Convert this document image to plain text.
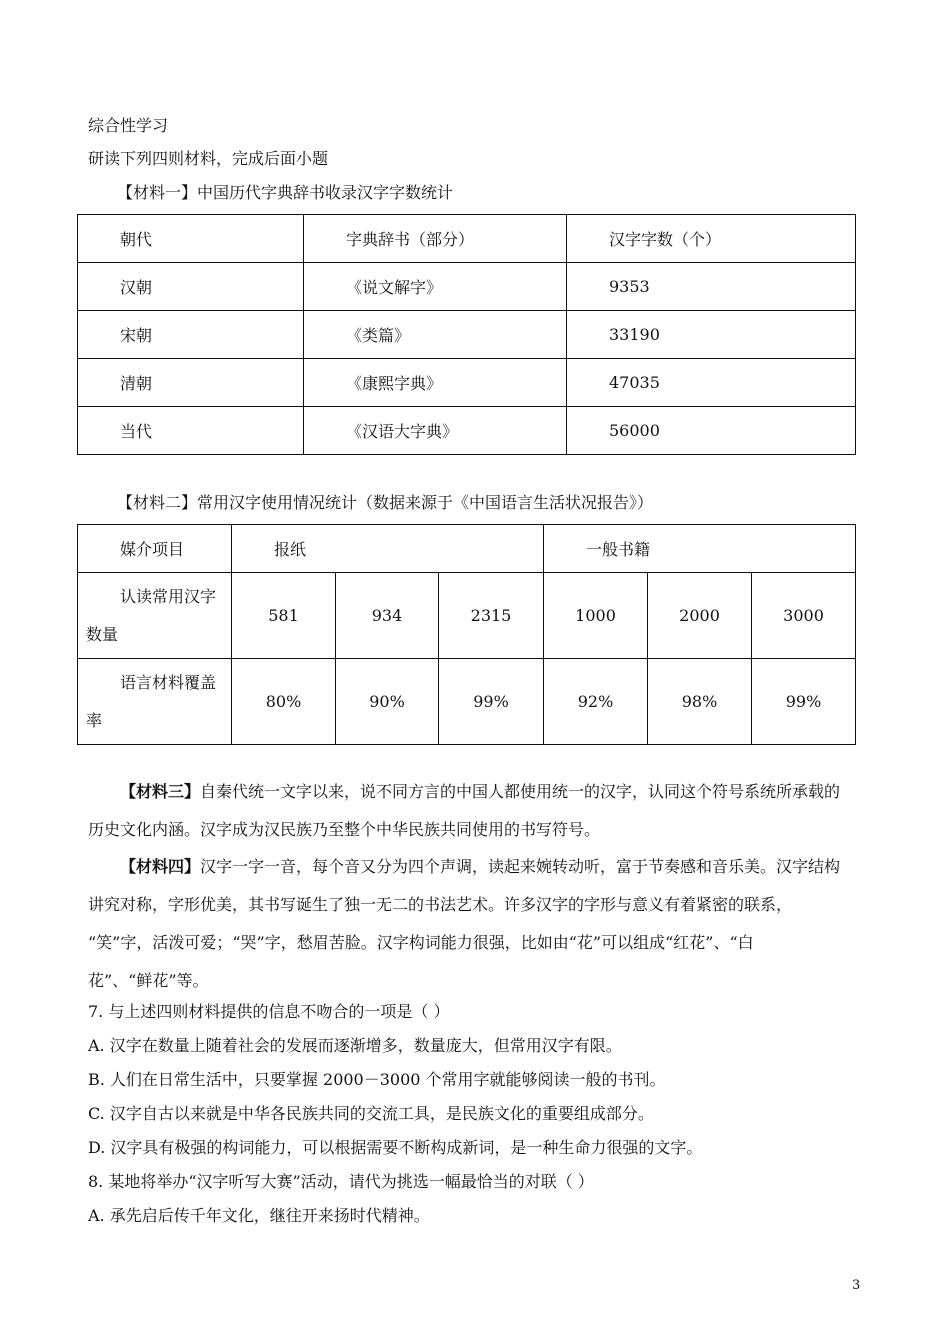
综合性学习
研读下列四则材料，完成后面小题
【材料一】中国历代字典辞书收录汉字字数统计
朝代	字典辞书（部分）	汉字字数（个）
汉朝	《说文解字》	9353
宋朝	《类篇》	33190
清朝	《康熙字典》	47035
当代	《汉语大字典》	56000
【材料二】常用汉字使用情况统计（数据来源于《中国语言生活状况报告》）
媒介项目	报纸			一般书籍		

认读常用汉字
数量	581	934	2315	1000	2000	3000

语言材料覆盖
率	80%	90%	99%	92%	98%	99%
【材料三】自秦代统一文字以来，说不同方言的中国人都使用统一的汉字，认同这个符号系统所承载的
历史文化内涵。汉字成为汉民族乃至整个中华民族共同使用的书写符号。
【材料四】汉字一字一音，每个音又分为四个声调，读起来婉转动听，富于节奏感和音乐美。汉字结构
讲究对称，字形优美，其书写诞生了独一无二的书法艺术。许多汉字的字形与意义有着紧密的联系，
“笑”字，活泼可爱；“哭”字，愁眉苦脸。汉字构词能力很强，比如由“花”可以组成“红花”、“白
花”、“鲜花”等。
7. 与上述四则材料提供的信息不吻合的一项是（ ）
A. 汉字在数量上随着社会的发展而逐渐增多，数量庞大，但常用汉字有限。
B. 人们在日常生活中，只要掌握 2000－3000 个常用字就能够阅读一般的书刊。
C. 汉字自古以来就是中华各民族共同的交流工具，是民族文化的重要组成部分。
D. 汉字具有极强的构词能力，可以根据需要不断构成新词，是一种生命力很强的文字。
8. 某地将举办“汉字听写大赛”活动，请代为挑选一幅最恰当的对联（ ）
A. 承先启后传千年文化，继往开来扬时代精神。
3
